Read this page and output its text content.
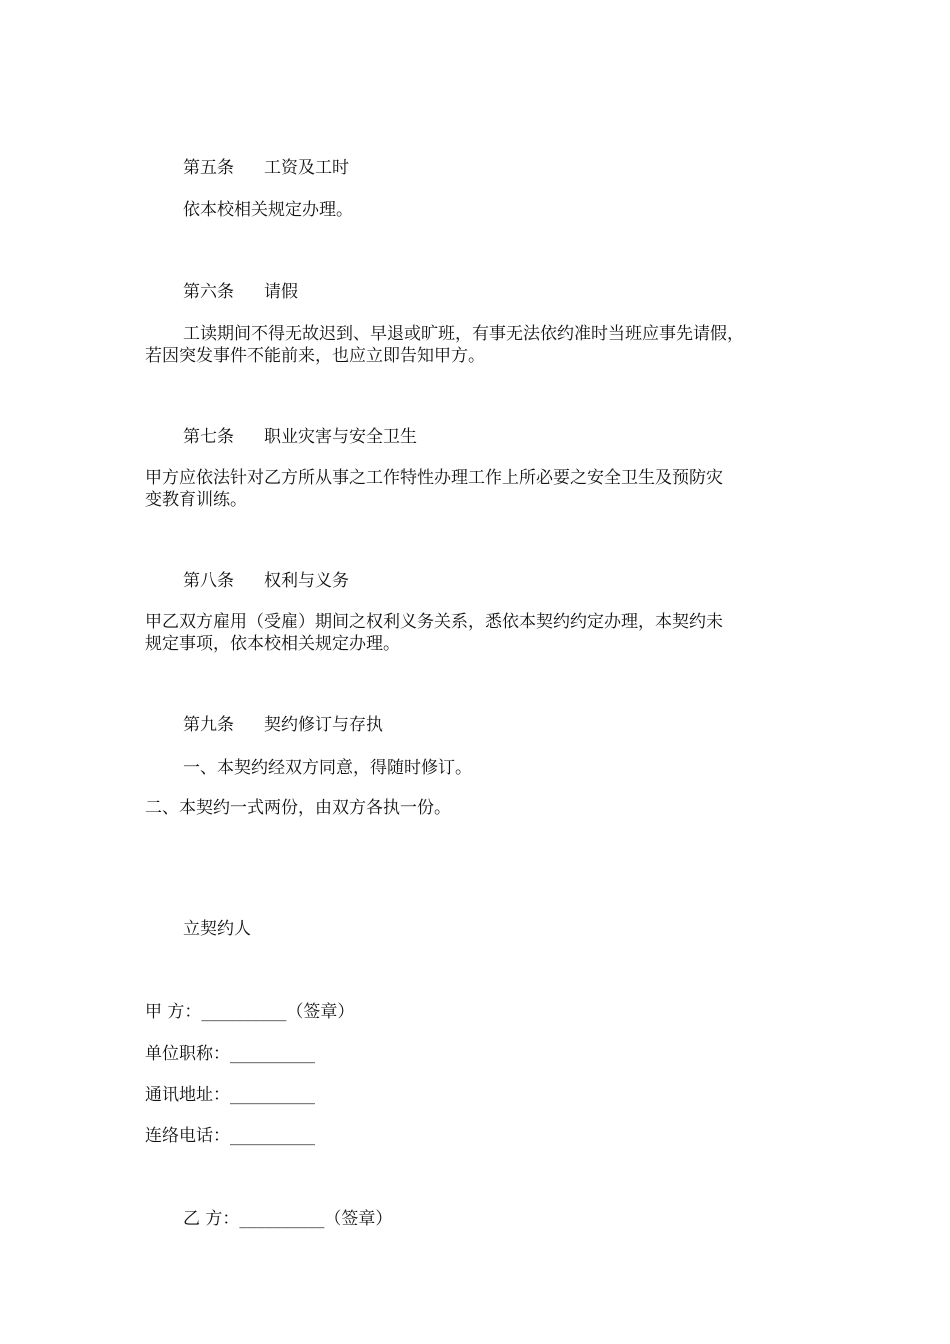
第五条 工资及工时
依本校相关规定办理。
第六条 请假
工读期间不得无故迟到、早退或旷班，有事无法依约准时当班应事先请假，
若因突发事件不能前来，也应立即告知甲方。
第七条 职业灾害与安全卫生
甲方应依法针对乙方所从事之工作特性办理工作上所必要之安全卫生及预防灾
变教育训练。
第八条 权利与义务
甲乙双方雇用（受雇）期间之权利义务关系，悉依本契约约定办理，本契约未
规定事项，依本校相关规定办理。
第九条 契约修订与存执
一、本契约经双方同意，得随时修订。
二、本契约一式两份，由双方各执一份。
立契约人
甲 方：__________（签章）
单位职称：__________
通讯地址：__________
连络电话：__________
乙 方：__________（签章）
